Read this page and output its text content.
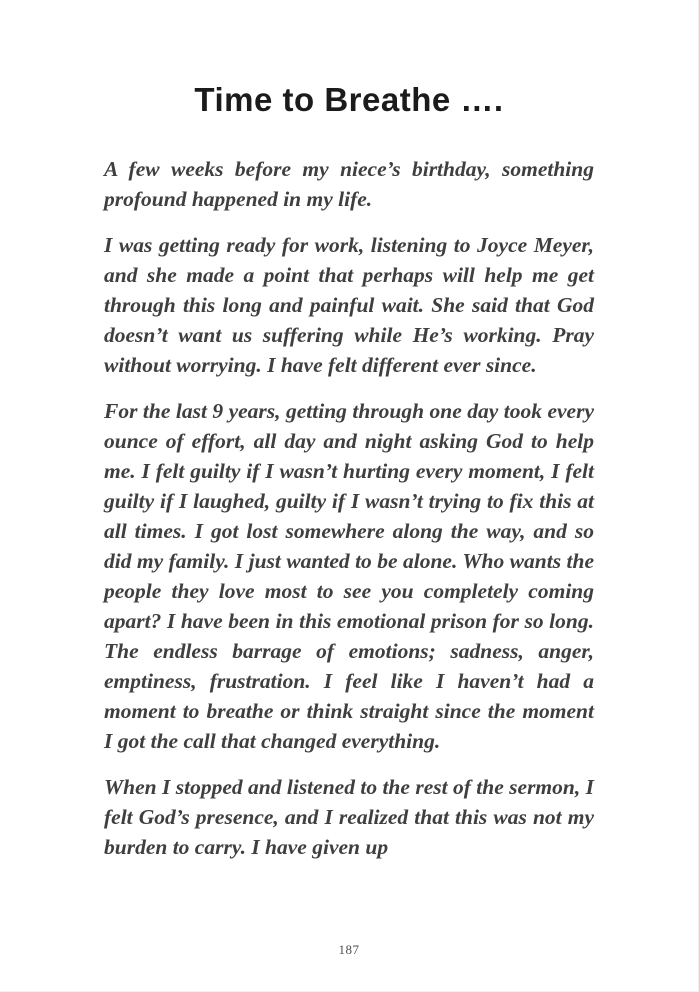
Time to Breathe ….

A few weeks before my niece’s birthday, something profound happened in my life.

I was getting ready for work, listening to Joyce Meyer, and she made a point that perhaps will help me get through this long and painful wait. She said that God doesn’t want us suffering while He’s working. Pray without worrying. I have felt different ever since.

For the last 9 years, getting through one day took every ounce of effort, all day and night asking God to help me. I felt guilty if I wasn’t hurting every moment, I felt guilty if I laughed, guilty if I wasn’t trying to fix this at all times. I got lost somewhere along the way, and so did my family. I just wanted to be alone. Who wants the people they love most to see you completely coming apart? I have been in this emotional prison for so long. The endless barrage of emotions; sadness, anger, emptiness, frustration. I feel like I haven’t had a moment to breathe or think straight since the moment I got the call that changed everything.

When I stopped and listened to the rest of the sermon, I felt God’s presence, and I realized that this was not my burden to carry. I have given up

187
